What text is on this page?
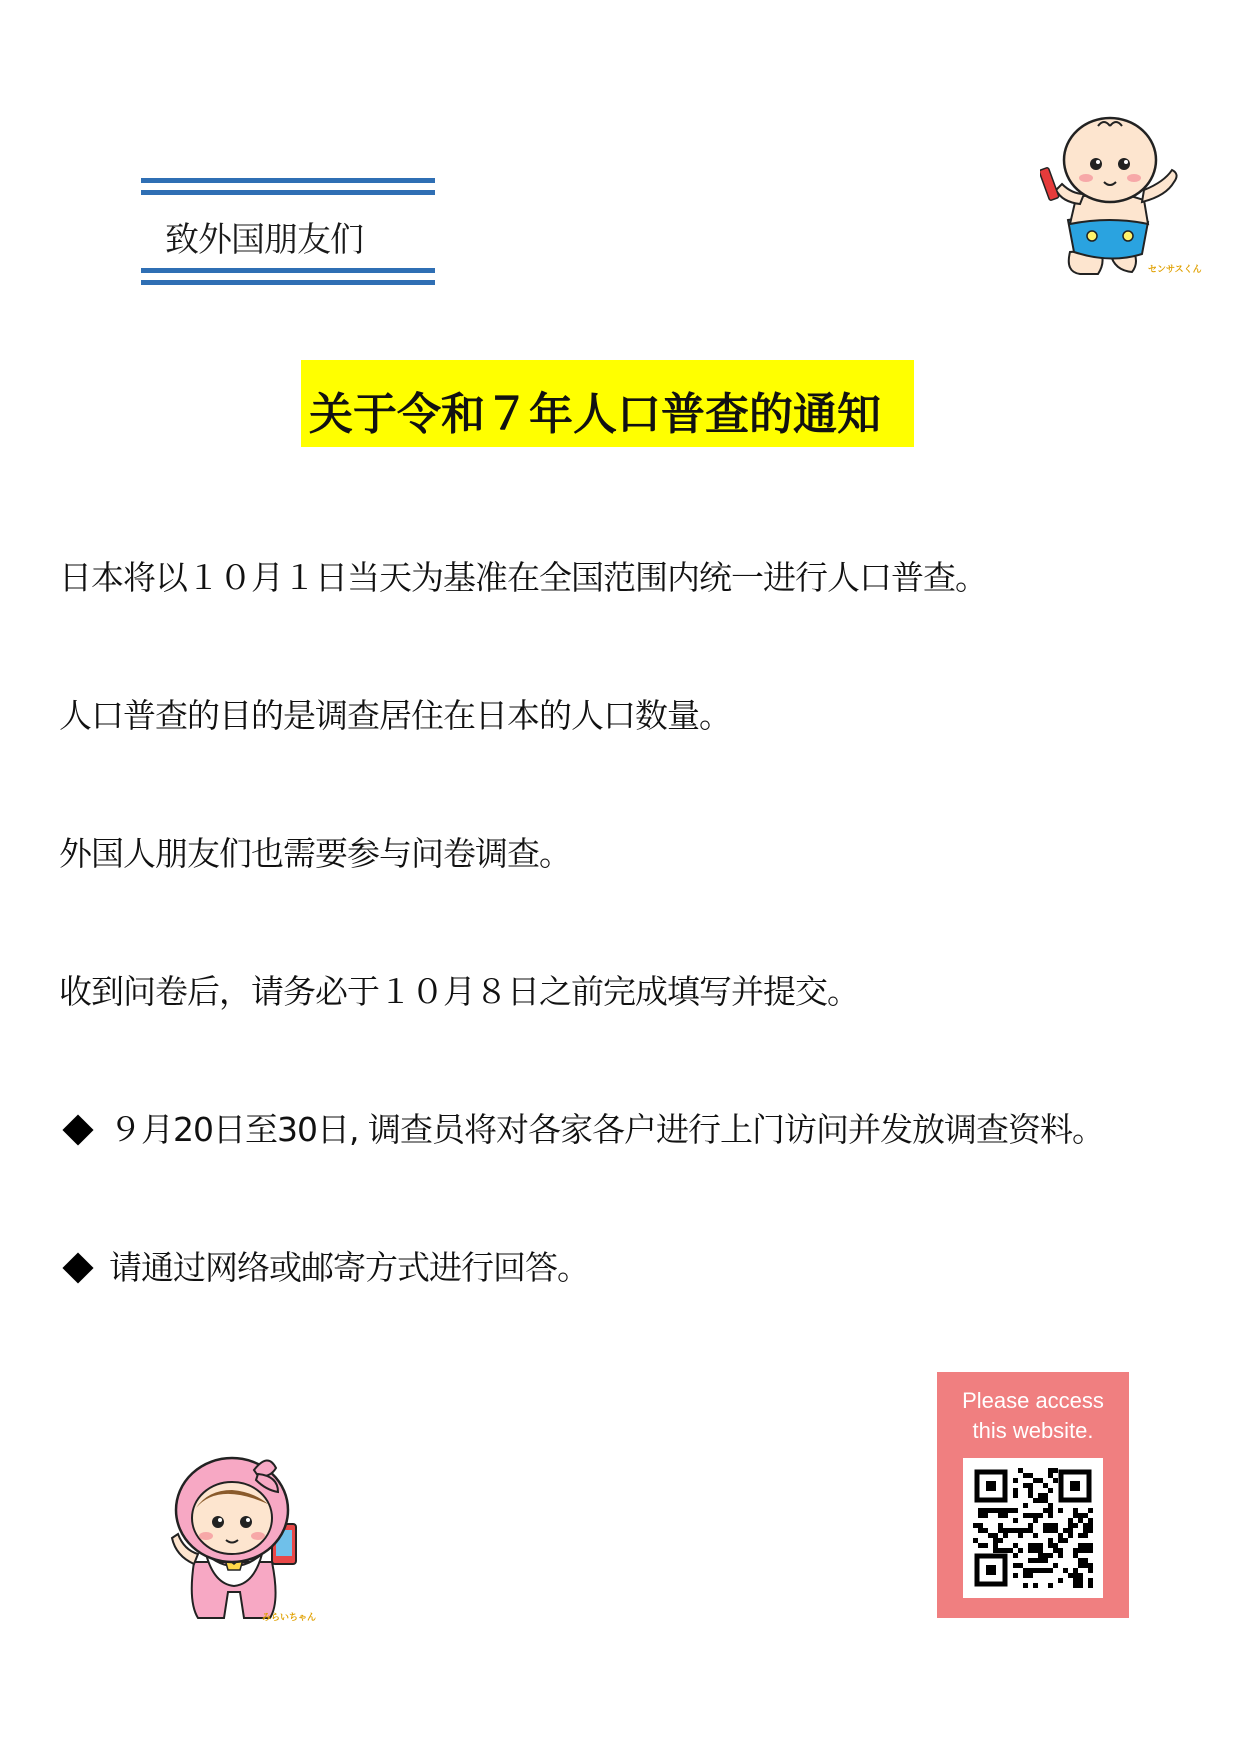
致外国朋友们
センサスくん
关于令和７年人口普查的通知
日本将以１０月１日当天为基准在全国范围内统一进行人口普查。
人口普查的目的是调查居住在日本的人口数量。
外国人朋友们也需要参与问卷调查。
收到问卷后，请务必于１０月８日之前完成填写并提交。
９月20日至30日, 调查员将对各家各户进行上门访问并发放调查资料。
请通过网络或邮寄方式进行回答。
みらいちゃん
Please access
this website.
